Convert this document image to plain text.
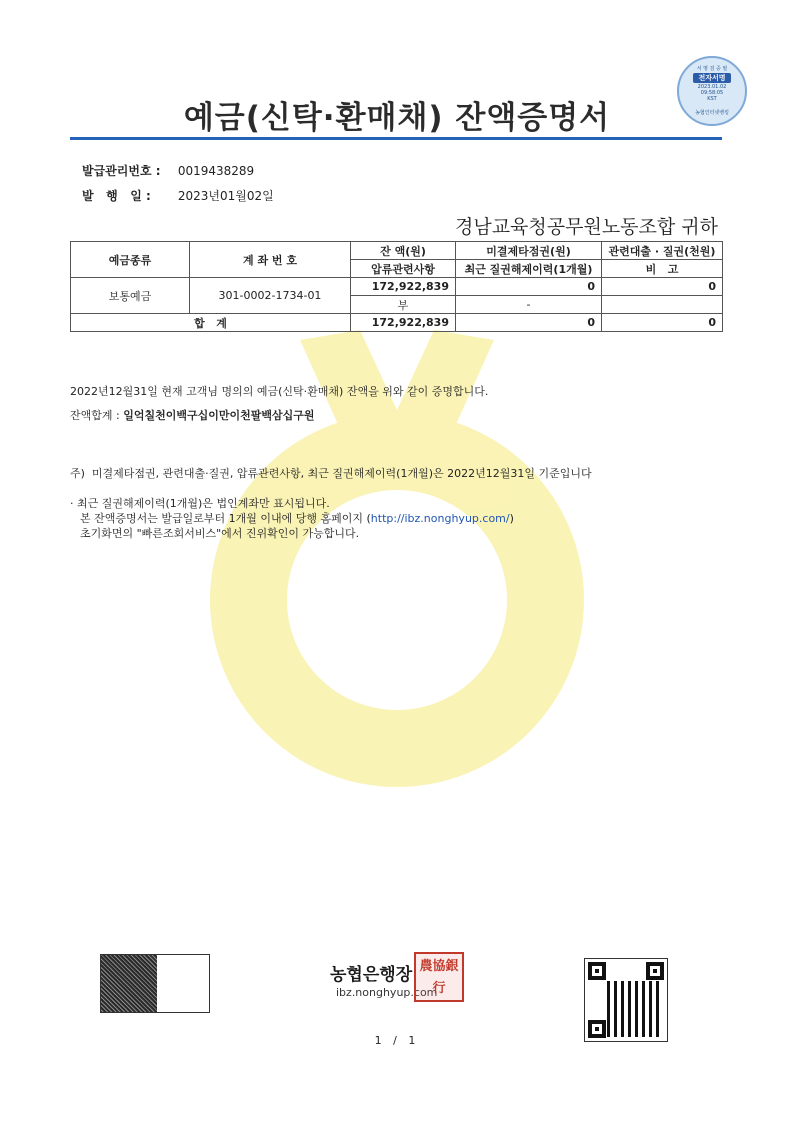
서 명 검 증 필
전자서명
2023.01.02
09:58:05
KST
농협인터넷뱅킹
예금(신탁·환매채) 잔액증명서
발급관리번호 : 0019438289
발   행   일 : 2023년01월02일
경남교육청공무원노동조합 귀하
예금종류	계 좌 번 호	잔 액(원)	미결제타점권(원)	관련대출 · 질권(천원)
		압류관련사항	최근 질권해제이력(1개월)	비   고
보통예금	301-0002-1734-01	172,922,839	0	0
		부	-	
합   계		172,922,839	0	0
2022년12월31일 현재 고객님 명의의 예금(신탁·환매채) 잔액을 위와 같이 증명합니다.
잔액합계 : 일억칠천이백구십이만이천팔백삼십구원
주)  미결제타점권, 관련대출·질권, 압류관련사항, 최근 질권해제이력(1개월)은 2022년12월31일 기준입니다
· 최근 질권해제이력(1개월)은 법인계좌만 표시됩니다.
본 잔액증명서는 발급일로부터 1개월 이내에 당행 홈페이지 (http://ibz.nonghyup.com/)
초기화면의 "빠른조회서비스"에서 진위확인이 가능합니다.
농협은행장
ibz.nonghyup.com
農協銀行
1 / 1
